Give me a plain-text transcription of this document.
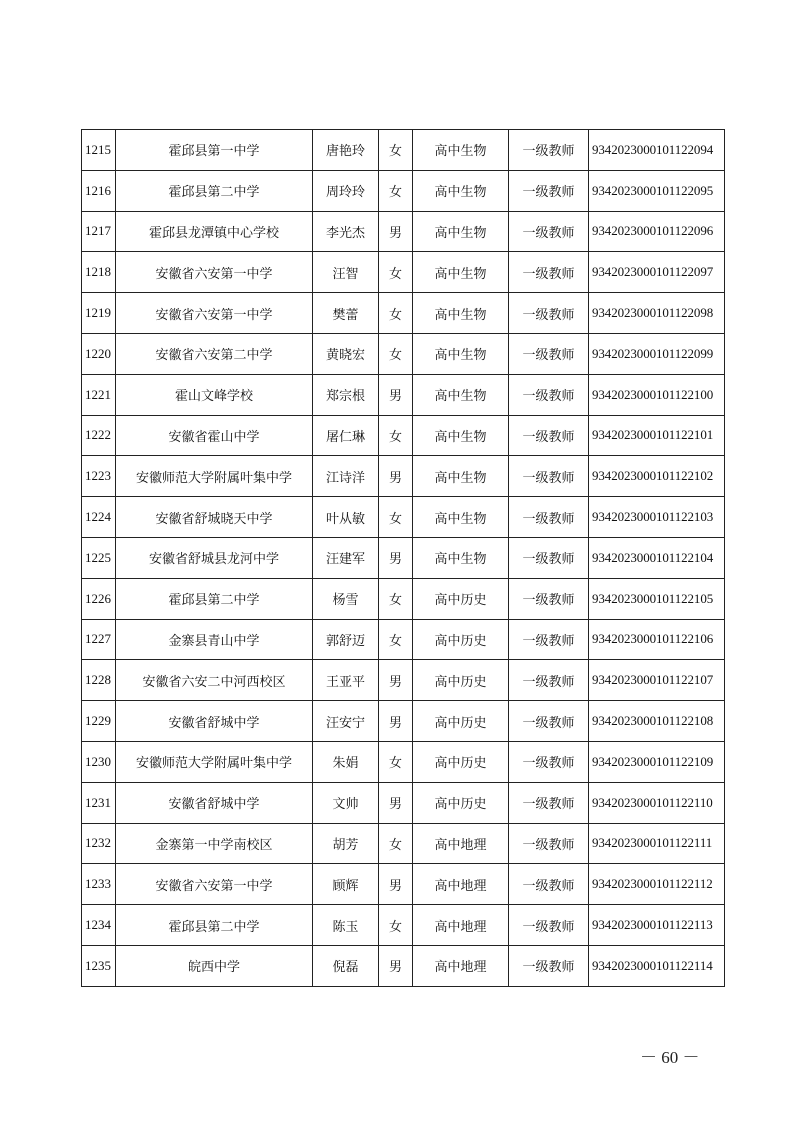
1215	霍邱县第一中学	唐艳玲	女	高中生物	一级教师	9342023000101122094
1216	霍邱县第二中学	周玲玲	女	高中生物	一级教师	9342023000101122095
1217	霍邱县龙潭镇中心学校	李光杰	男	高中生物	一级教师	9342023000101122096
1218	安徽省六安第一中学	汪智	女	高中生物	一级教师	9342023000101122097
1219	安徽省六安第一中学	樊蕾	女	高中生物	一级教师	9342023000101122098
1220	安徽省六安第二中学	黄晓宏	女	高中生物	一级教师	9342023000101122099
1221	霍山文峰学校	郑宗根	男	高中生物	一级教师	9342023000101122100
1222	安徽省霍山中学	屠仁琳	女	高中生物	一级教师	9342023000101122101
1223	安徽师范大学附属叶集中学	江诗洋	男	高中生物	一级教师	9342023000101122102
1224	安徽省舒城晓天中学	叶从敏	女	高中生物	一级教师	9342023000101122103
1225	安徽省舒城县龙河中学	汪建军	男	高中生物	一级教师	9342023000101122104
1226	霍邱县第二中学	杨雪	女	高中历史	一级教师	9342023000101122105
1227	金寨县青山中学	郭舒迈	女	高中历史	一级教师	9342023000101122106
1228	安徽省六安二中河西校区	王亚平	男	高中历史	一级教师	9342023000101122107
1229	安徽省舒城中学	汪安宁	男	高中历史	一级教师	9342023000101122108
1230	安徽师范大学附属叶集中学	朱娟	女	高中历史	一级教师	9342023000101122109
1231	安徽省舒城中学	文帅	男	高中历史	一级教师	9342023000101122110
1232	金寨第一中学南校区	胡芳	女	高中地理	一级教师	9342023000101122111
1233	安徽省六安第一中学	顾辉	男	高中地理	一级教师	9342023000101122112
1234	霍邱县第二中学	陈玉	女	高中地理	一级教师	9342023000101122113
1235	皖西中学	倪磊	男	高中地理	一级教师	9342023000101122114
－ 60 －
